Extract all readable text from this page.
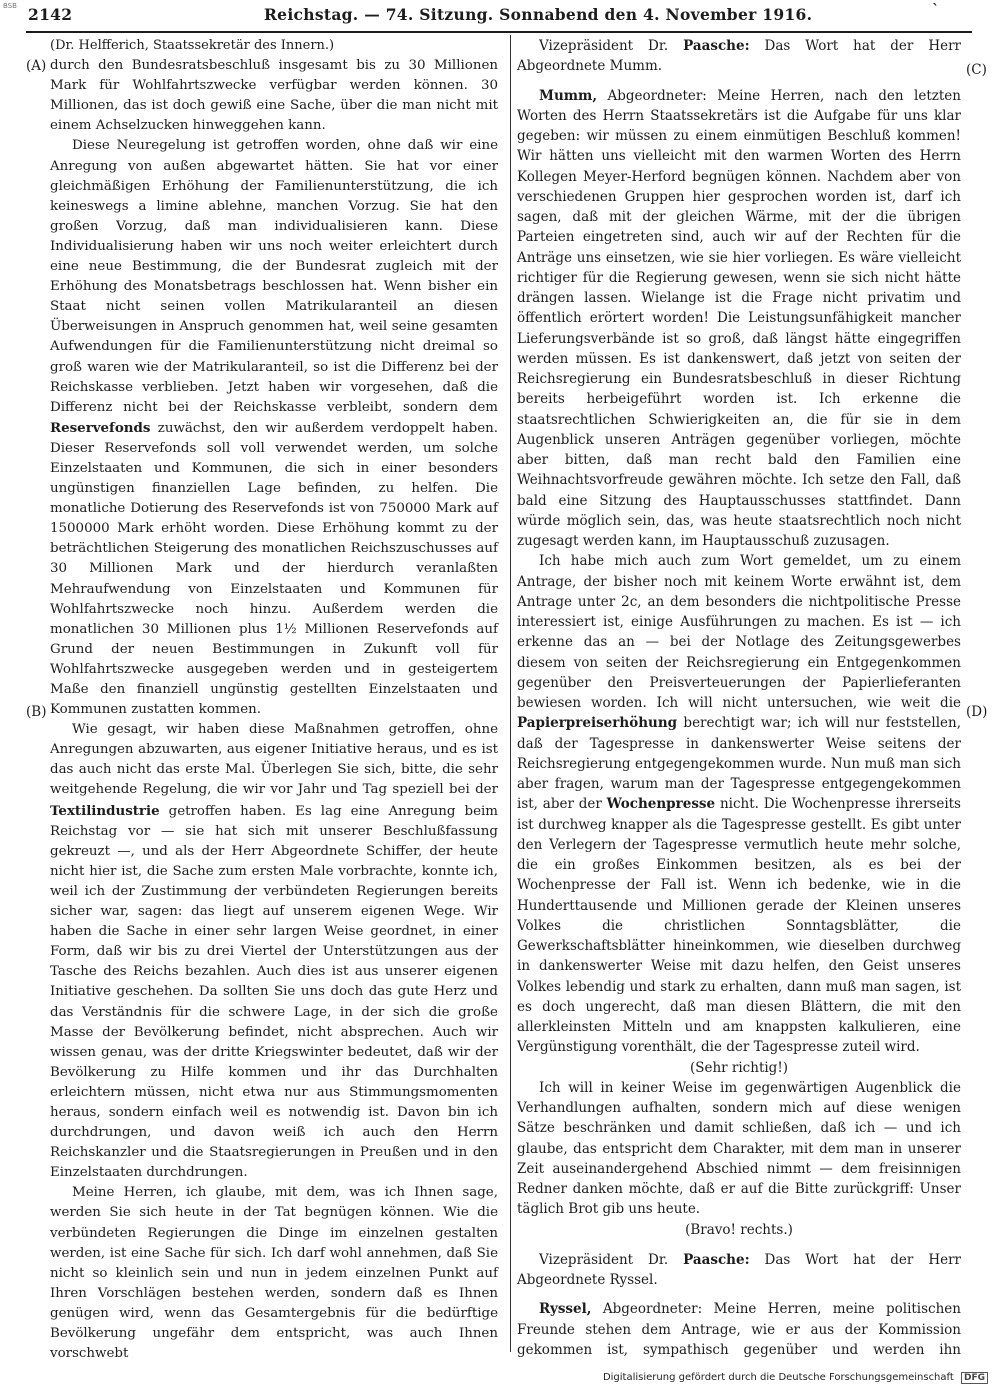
BSB 2142	Reichstag. — 74. Sitzung. Sonnabend den 4. November 1916.	`
(A)
(B)
(C)
(D)

(Dr. Helfferich, Staatssekretär des Innern.)

durch den Bundesratsbeschluß insgesamt bis zu 30 Millionen Mark für Wohlfahrtszwecke verfügbar werden können. 30 Millionen, das ist doch gewiß eine Sache, über die man nicht mit einem Achselzucken hinweggehen kann.

Diese Neuregelung ist getroffen worden, ohne daß wir eine Anregung von außen abgewartet hätten. Sie hat vor einer gleichmäßigen Erhöhung der Familienunterstützung, die ich keineswegs a limine ablehne, manchen Vorzug. Sie hat den großen Vorzug, daß man individualisieren kann. Diese Individualisierung haben wir uns noch weiter erleichtert durch eine neue Bestimmung, die der Bundesrat zugleich mit der Erhöhung des Monatsbetrags beschlossen hat. Wenn bisher ein Staat nicht seinen vollen Matrikularanteil an diesen Überweisungen in Anspruch genommen hat, weil seine gesamten Aufwendungen für die Familienunterstützung nicht dreimal so groß waren wie der Matrikularanteil, so ist die Differenz bei der Reichskasse verblieben. Jetzt haben wir vorgesehen, daß die Differenz nicht bei der Reichskasse verbleibt, sondern dem Reservefonds zuwächst, den wir außerdem verdoppelt haben. Dieser Reservefonds soll voll verwendet werden, um solche Einzelstaaten und Kommunen, die sich in einer besonders ungünstigen finanziellen Lage befinden, zu helfen. Die monatliche Dotierung des Reservefonds ist von 750000 Mark auf 1500000 Mark erhöht worden. Diese Erhöhung kommt zu der beträchtlichen Steigerung des monatlichen Reichszuschusses auf 30 Millionen Mark und der hierdurch veranlaßten Mehraufwendung von Einzelstaaten und Kommunen für Wohlfahrtszwecke noch hinzu. Außerdem werden die monatlichen 30 Millionen plus 1½ Millionen Reservefonds auf Grund der neuen Bestimmungen in Zukunft voll für Wohlfahrtszwecke ausgegeben werden und in gesteigertem Maße den finanziell ungünstig gestellten Einzelstaaten und Kommunen zustatten kommen.

Wie gesagt, wir haben diese Maßnahmen getroffen, ohne Anregungen abzuwarten, aus eigener Initiative heraus, und es ist das auch nicht das erste Mal. Überlegen Sie sich, bitte, die sehr weitgehende Regelung, die wir vor Jahr und Tag speziell bei der Textilindustrie getroffen haben. Es lag eine Anregung beim Reichstag vor — sie hat sich mit unserer Beschlußfassung gekreuzt —, und als der Herr Abgeordnete Schiffer, der heute nicht hier ist, die Sache zum ersten Male vorbrachte, konnte ich, weil ich der Zustimmung der verbündeten Regierungen bereits sicher war, sagen: das liegt auf unserem eigenen Wege. Wir haben die Sache in einer sehr largen Weise geordnet, in einer Form, daß wir bis zu drei Viertel der Unterstützungen aus der Tasche des Reichs bezahlen. Auch dies ist aus unserer eigenen Initiative geschehen. Da sollten Sie uns doch das gute Herz und das Verständnis für die schwere Lage, in der sich die große Masse der Bevölkerung befindet, nicht absprechen. Auch wir wissen genau, was der dritte Kriegswinter bedeutet, daß wir der Bevölkerung zu Hilfe kommen und ihr das Durchhalten erleichtern müssen, nicht etwa nur aus Stimmungsmomenten heraus, sondern einfach weil es notwendig ist. Davon bin ich durchdrungen, und davon weiß ich auch den Herrn Reichskanzler und die Staatsregierungen in Preußen und in den Einzelstaaten durchdrungen.

Meine Herren, ich glaube, mit dem, was ich Ihnen sage, werden Sie sich heute in der Tat begnügen können. Wie die verbündeten Regierungen die Dinge im einzelnen gestalten werden, ist eine Sache für sich. Ich darf wohl annehmen, daß Sie nicht so kleinlich sein und nun in jedem einzelnen Punkt auf Ihren Vorschlägen bestehen werden, sondern daß es Ihnen genügen wird, wenn das Gesamtergebnis für die bedürftige Bevölkerung ungefähr dem entspricht, was auch Ihnen vorschwebt

Vizepräsident Dr. Paasche: Das Wort hat der Herr Abgeordnete Mumm.

Mumm, Abgeordneter: Meine Herren, nach den letzten Worten des Herrn Staatssekretärs ist die Aufgabe für uns klar gegeben: wir müssen zu einem einmütigen Beschluß kommen! Wir hätten uns vielleicht mit den warmen Worten des Herrn Kollegen Meyer-Herford begnügen können. Nachdem aber von verschiedenen Gruppen hier gesprochen worden ist, darf ich sagen, daß mit der gleichen Wärme, mit der die übrigen Parteien eingetreten sind, auch wir auf der Rechten für die Anträge uns einsetzen, wie sie hier vorliegen. Es wäre vielleicht richtiger für die Regierung gewesen, wenn sie sich nicht hätte drängen lassen. Wielange ist die Frage nicht privatim und öffentlich erörtert worden! Die Leistungsunfähigkeit mancher Lieferungsverbände ist so groß, daß längst hätte eingegriffen werden müssen. Es ist dankenswert, daß jetzt von seiten der Reichsregierung ein Bundesratsbeschluß in dieser Richtung bereits herbeigeführt worden ist. Ich erkenne die staatsrechtlichen Schwierigkeiten an, die für sie in dem Augenblick unseren Anträgen gegenüber vorliegen, möchte aber bitten, daß man recht bald den Familien eine Weihnachtsvorfreude gewähren möchte. Ich setze den Fall, daß bald eine Sitzung des Hauptausschusses stattfindet. Dann würde möglich sein, das, was heute staatsrechtlich noch nicht zugesagt werden kann, im Hauptausschuß zuzusagen.

Ich habe mich auch zum Wort gemeldet, um zu einem Antrage, der bisher noch mit keinem Worte erwähnt ist, dem Antrage unter 2c, an dem besonders die nichtpolitische Presse interessiert ist, einige Ausführungen zu machen. Es ist — ich erkenne das an — bei der Notlage des Zeitungsgewerbes diesem von seiten der Reichsregierung ein Entgegenkommen gegenüber den Preisverteuerungen der Papierlieferanten bewiesen worden. Ich will nicht untersuchen, wie weit die Papierpreiserhöhung berechtigt war; ich will nur feststellen, daß der Tagespresse in dankenswerter Weise seitens der Reichsregierung entgegengekommen wurde. Nun muß man sich aber fragen, warum man der Tagespresse entgegengekommen ist, aber der Wochenpresse nicht. Die Wochenpresse ihrerseits ist durchweg knapper als die Tagespresse gestellt. Es gibt unter den Verlegern der Tagespresse vermutlich heute mehr solche, die ein großes Einkommen besitzen, als es bei der Wochenpresse der Fall ist. Wenn ich bedenke, wie in die Hunderttausende und Millionen gerade der Kleinen unseres Volkes die christlichen Sonntagsblätter, die Gewerkschaftsblätter hineinkommen, wie dieselben durchweg in dankenswerter Weise mit dazu helfen, den Geist unseres Volkes lebendig und stark zu erhalten, dann muß man sagen, ist es doch ungerecht, daß man diesen Blättern, die mit den allerkleinsten Mitteln und am knappsten kalkulieren, eine Vergünstigung vorenthält, die der Tagespresse zuteil wird.

(Sehr richtig!)

Ich will in keiner Weise im gegenwärtigen Augenblick die Verhandlungen aufhalten, sondern mich auf diese wenigen Sätze beschränken und damit schließen, daß ich — und ich glaube, das entspricht dem Charakter, mit dem man in unserer Zeit auseinandergehend Abschied nimmt — dem freisinnigen Redner danken möchte, daß er auf die Bitte zurückgriff: Unser täglich Brot gib uns heute.

(Bravo! rechts.)

Vizepräsident Dr. Paasche: Das Wort hat der Herr Abgeordnete Ryssel.

Ryssel, Abgeordneter: Meine Herren, meine politischen Freunde stehen dem Antrage, wie er aus der Kommission gekommen ist, sympathisch gegenüber und werden ihn

Digitalisierung gefördert durch die Deutsche Forschungsgemeinschaft DFG
